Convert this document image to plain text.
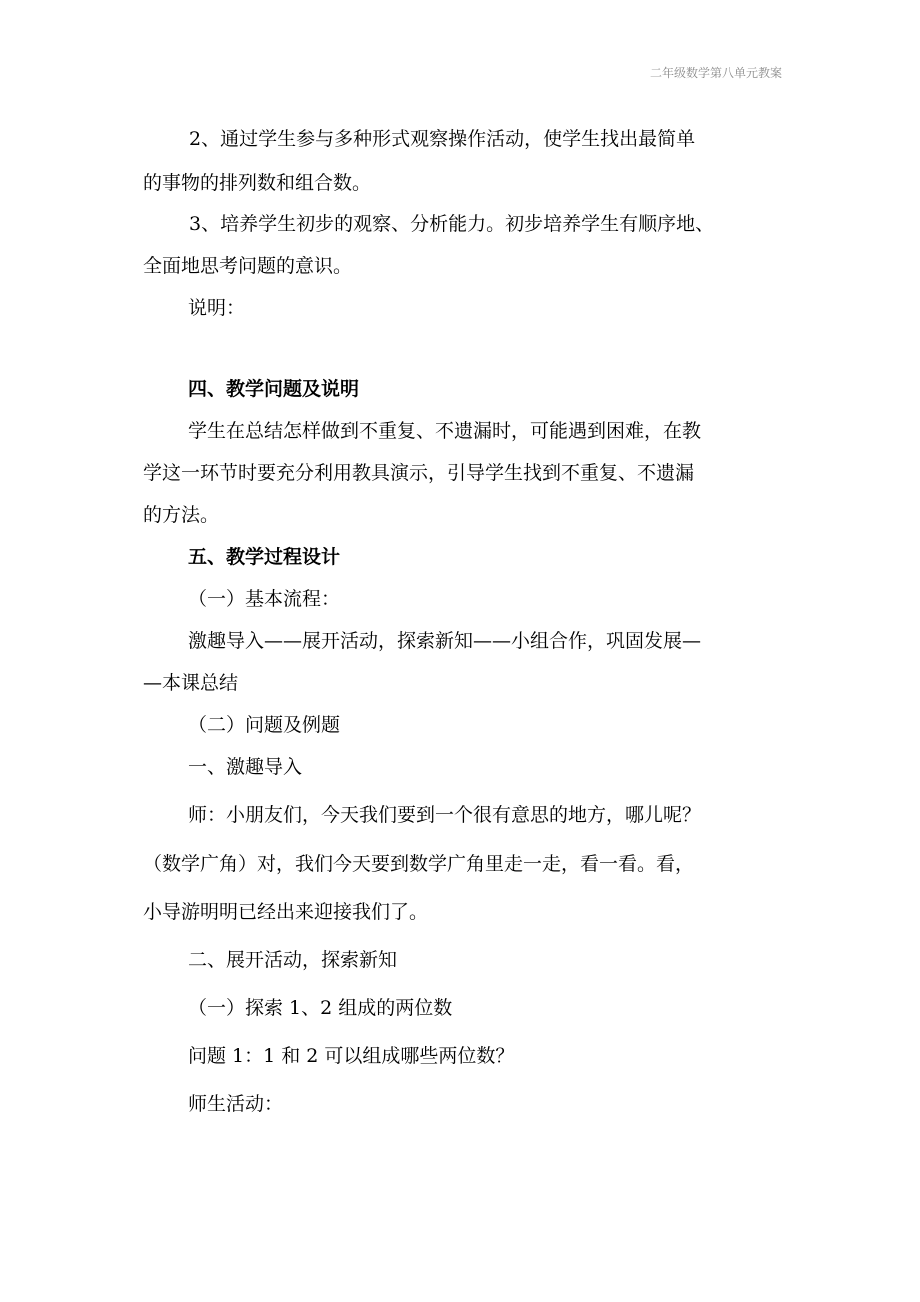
二年级数学第八单元教案
2、通过学生参与多种形式观察操作活动，使学生找出最简单
的事物的排列数和组合数。
3、培养学生初步的观察、分析能力。初步培养学生有顺序地、
全面地思考问题的意识。
说明：
四、教学问题及说明
学生在总结怎样做到不重复、不遗漏时，可能遇到困难，在教
学这一环节时要充分利用教具演示，引导学生找到不重复、不遗漏
的方法。
五、教学过程设计
（一）基本流程：
激趣导入——展开活动，探索新知——小组合作，巩固发展—
—本课总结
（二）问题及例题
一、激趣导入
师：小朋友们，今天我们要到一个很有意思的地方，哪儿呢？
（数学广角）对，我们今天要到数学广角里走一走，看一看。看，
小导游明明已经出来迎接我们了。
二、展开活动，探索新知
（一）探索 1、2 组成的两位数
问题 1：1 和 2 可以组成哪些两位数？
师生活动：
